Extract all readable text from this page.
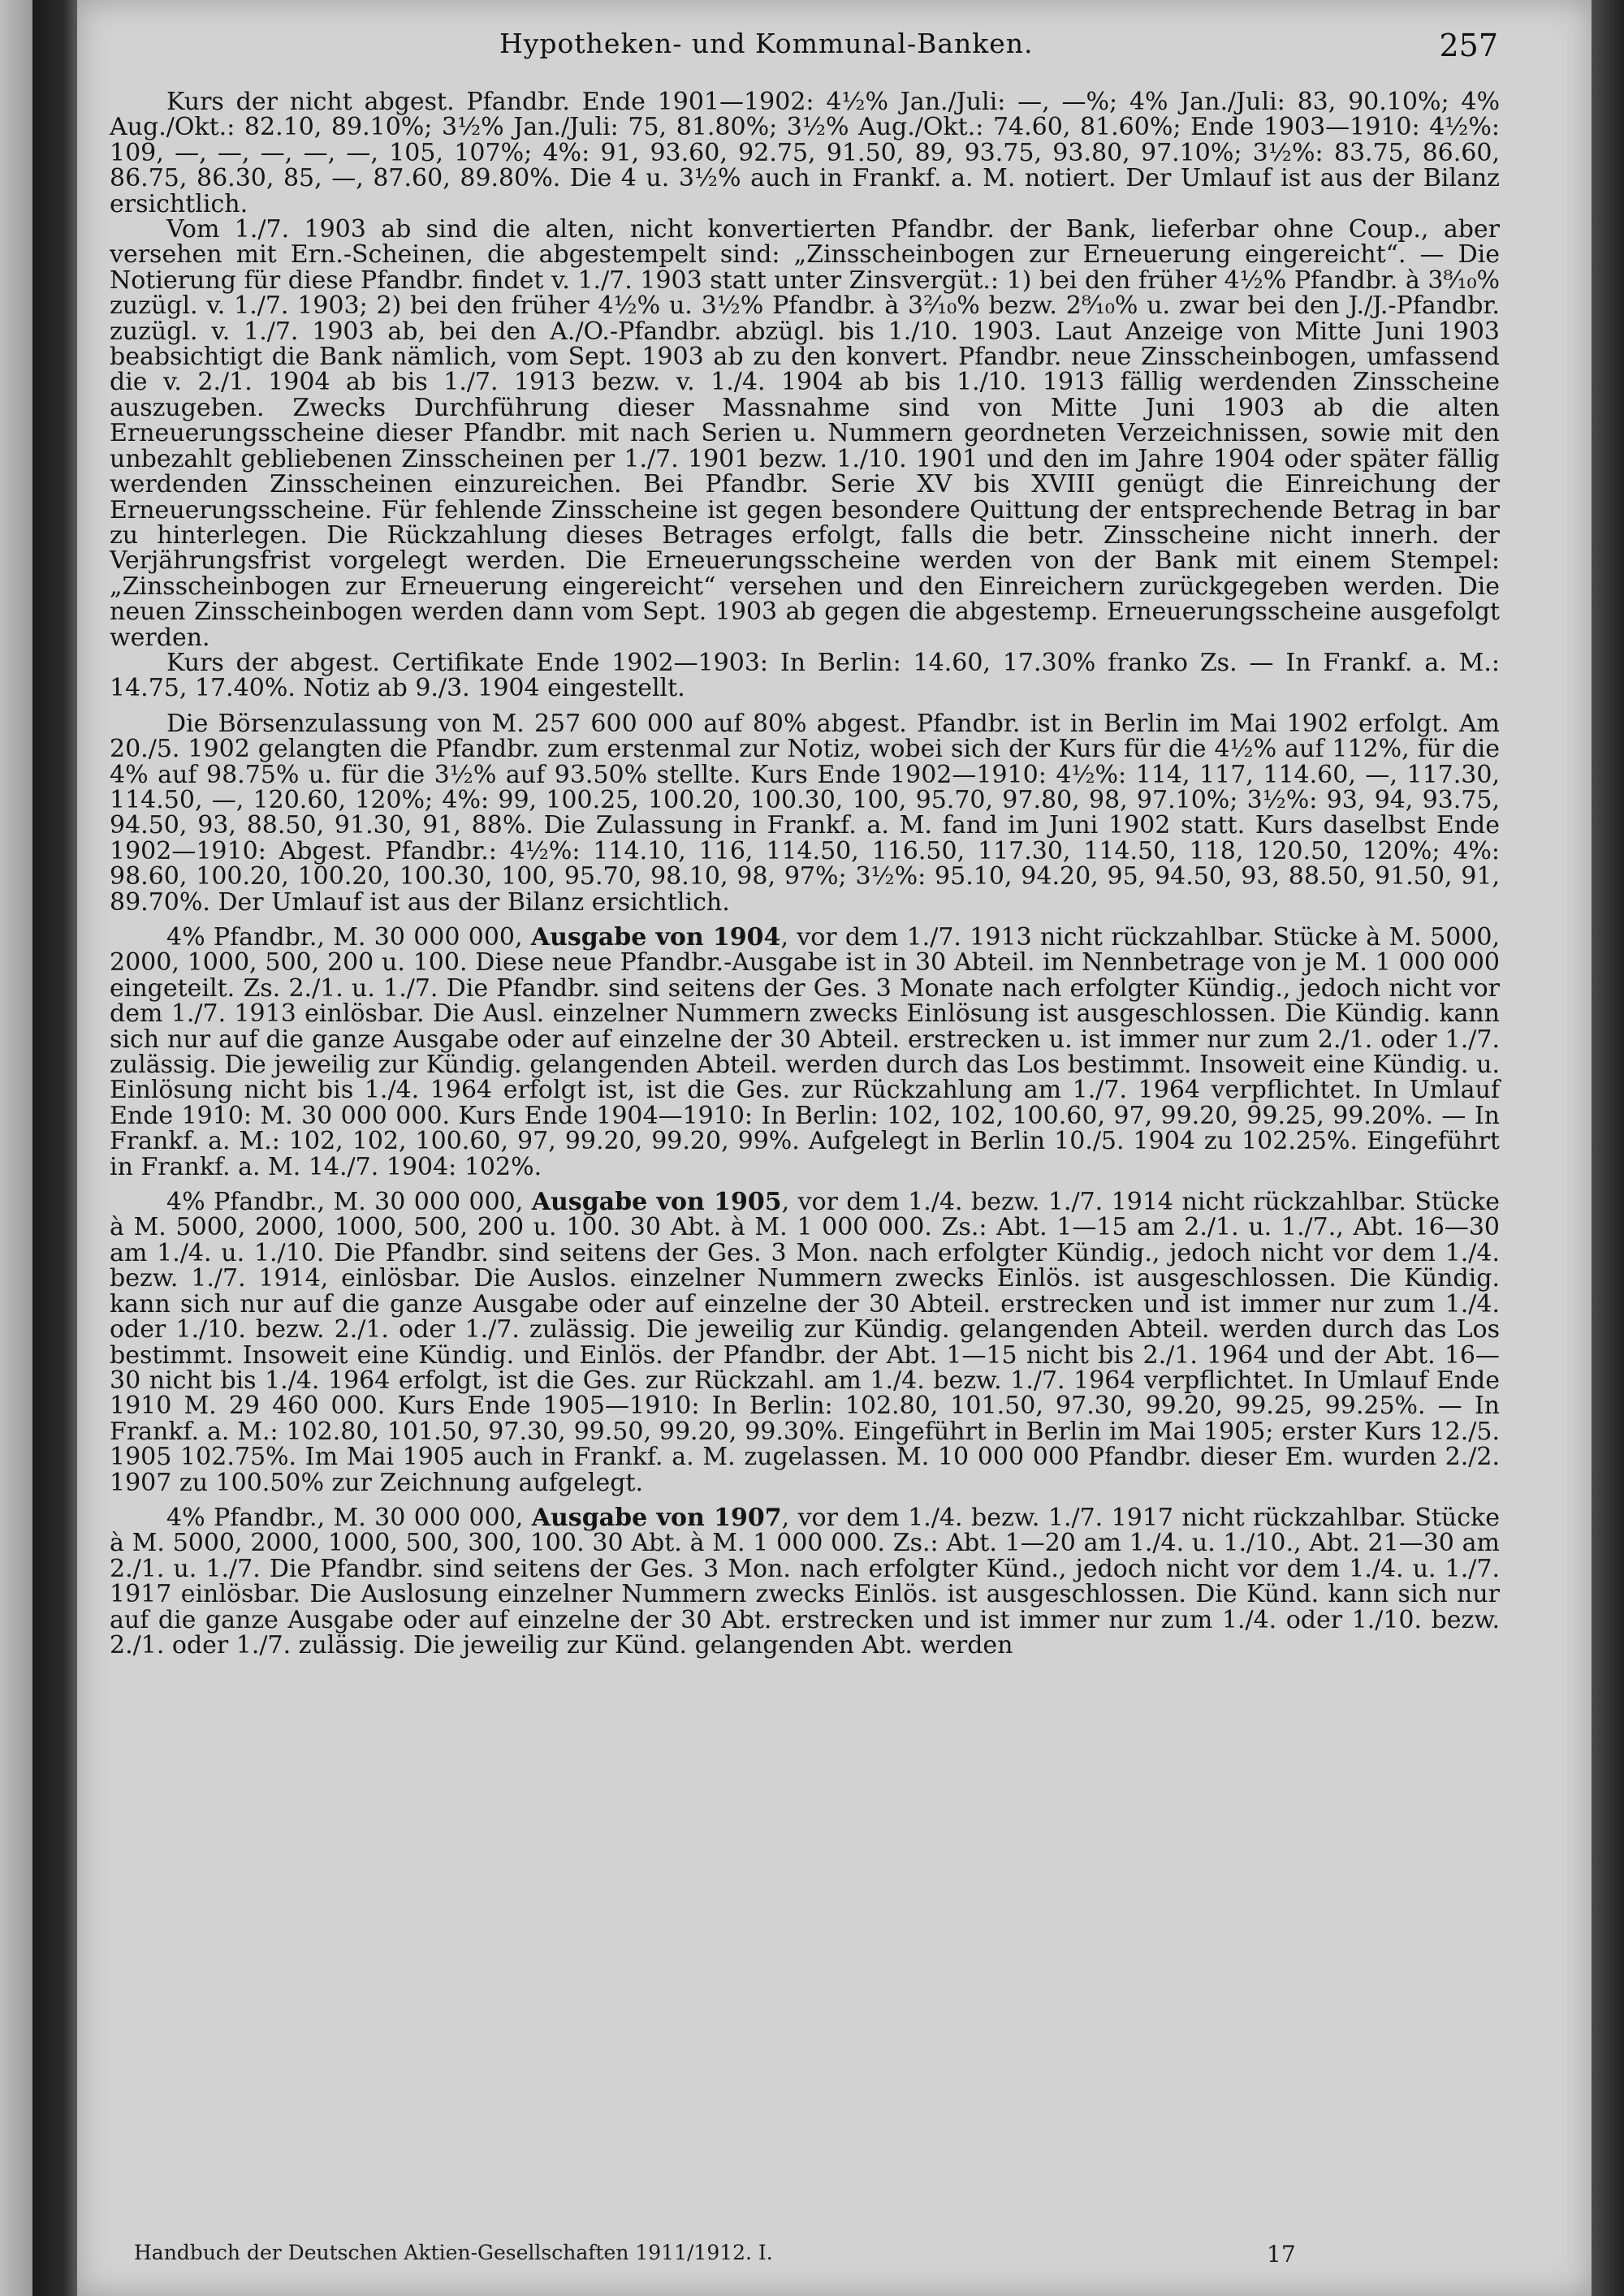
Hypotheken- und Kommunal-Banken.	257

Kurs der nicht abgest. Pfandbr. Ende 1901—1902: 4½% Jan./Juli: —, —%; 4% Jan./Juli: 83, 90.10%; 4% Aug./Okt.: 82.10, 89.10%; 3½% Jan./Juli: 75, 81.80%; 3½% Aug./Okt.: 74.60, 81.60%; Ende 1903—1910: 4½%: 109, —, —, —, —, —, 105, 107%; 4%: 91, 93.60, 92.75, 91.50, 89, 93.75, 93.80, 97.10%; 3½%: 83.75, 86.60, 86.75, 86.30, 85, —, 87.60, 89.80%. Die 4 u. 3½% auch in Frankf. a. M. notiert. Der Umlauf ist aus der Bilanz ersichtlich.

Vom 1./7. 1903 ab sind die alten, nicht konvertierten Pfandbr. der Bank, lieferbar ohne Coup., aber versehen mit Ern.-Scheinen, die abgestempelt sind: „Zinsscheinbogen zur Erneuerung eingereicht“. — Die Notierung für diese Pfandbr. findet v. 1./7. 1903 statt unter Zinsvergüt.: 1) bei den früher 4½% Pfandbr. à 3⁸⁄₁₀% zuzügl. v. 1./7. 1903; 2) bei den früher 4½% u. 3½% Pfandbr. à 3²⁄₁₀% bezw. 2⁸⁄₁₀% u. zwar bei den J./J.-Pfandbr. zuzügl. v. 1./7. 1903 ab, bei den A./O.-Pfandbr. abzügl. bis 1./10. 1903. Laut Anzeige von Mitte Juni 1903 beabsichtigt die Bank nämlich, vom Sept. 1903 ab zu den konvert. Pfandbr. neue Zinsscheinbogen, umfassend die v. 2./1. 1904 ab bis 1./7. 1913 bezw. v. 1./4. 1904 ab bis 1./10. 1913 fällig werdenden Zinsscheine auszugeben. Zwecks Durchführung dieser Massnahme sind von Mitte Juni 1903 ab die alten Erneuerungsscheine dieser Pfandbr. mit nach Serien u. Nummern geordneten Verzeichnissen, sowie mit den unbezahlt gebliebenen Zinsscheinen per 1./7. 1901 bezw. 1./10. 1901 und den im Jahre 1904 oder später fällig werdenden Zinsscheinen einzureichen. Bei Pfandbr. Serie XV bis XVIII genügt die Einreichung der Erneuerungsscheine. Für fehlende Zinsscheine ist gegen besondere Quittung der entsprechende Betrag in bar zu hinterlegen. Die Rückzahlung dieses Betrages erfolgt, falls die betr. Zinsscheine nicht innerh. der Verjährungsfrist vorgelegt werden. Die Erneuerungsscheine werden von der Bank mit einem Stempel: „Zinsscheinbogen zur Erneuerung eingereicht“ versehen und den Einreichern zurückgegeben werden. Die neuen Zinsscheinbogen werden dann vom Sept. 1903 ab gegen die abgestemp. Erneuerungsscheine ausgefolgt werden.

Kurs der abgest. Certifikate Ende 1902—1903: In Berlin: 14.60, 17.30% franko Zs. — In Frankf. a. M.: 14.75, 17.40%. Notiz ab 9./3. 1904 eingestellt.

Die Börsenzulassung von M. 257 600 000 auf 80% abgest. Pfandbr. ist in Berlin im Mai 1902 erfolgt. Am 20./5. 1902 gelangten die Pfandbr. zum erstenmal zur Notiz, wobei sich der Kurs für die 4½% auf 112%, für die 4% auf 98.75% u. für die 3½% auf 93.50% stellte. Kurs Ende 1902—1910: 4½%: 114, 117, 114.60, —, 117.30, 114.50, —, 120.60, 120%; 4%: 99, 100.25, 100.20, 100.30, 100, 95.70, 97.80, 98, 97.10%; 3½%: 93, 94, 93.75, 94.50, 93, 88.50, 91.30, 91, 88%. Die Zulassung in Frankf. a. M. fand im Juni 1902 statt. Kurs daselbst Ende 1902—1910: Abgest. Pfandbr.: 4½%: 114.10, 116, 114.50, 116.50, 117.30, 114.50, 118, 120.50, 120%; 4%: 98.60, 100.20, 100.20, 100.30, 100, 95.70, 98.10, 98, 97%; 3½%: 95.10, 94.20, 95, 94.50, 93, 88.50, 91.50, 91, 89.70%. Der Umlauf ist aus der Bilanz ersichtlich.

4% Pfandbr., M. 30 000 000, Ausgabe von 1904, vor dem 1./7. 1913 nicht rückzahlbar. Stücke à M. 5000, 2000, 1000, 500, 200 u. 100. Diese neue Pfandbr.-Ausgabe ist in 30 Abteil. im Nennbetrage von je M. 1 000 000 eingeteilt. Zs. 2./1. u. 1./7. Die Pfandbr. sind seitens der Ges. 3 Monate nach erfolgter Kündig., jedoch nicht vor dem 1./7. 1913 einlösbar. Die Ausl. einzelner Nummern zwecks Einlösung ist ausgeschlossen. Die Kündig. kann sich nur auf die ganze Ausgabe oder auf einzelne der 30 Abteil. erstrecken u. ist immer nur zum 2./1. oder 1./7. zulässig. Die jeweilig zur Kündig. gelangenden Abteil. werden durch das Los bestimmt. Insoweit eine Kündig. u. Einlösung nicht bis 1./4. 1964 erfolgt ist, ist die Ges. zur Rückzahlung am 1./7. 1964 verpflichtet. In Umlauf Ende 1910: M. 30 000 000. Kurs Ende 1904—1910: In Berlin: 102, 102, 100.60, 97, 99.20, 99.25, 99.20%. — In Frankf. a. M.: 102, 102, 100.60, 97, 99.20, 99.20, 99%. Aufgelegt in Berlin 10./5. 1904 zu 102.25%. Eingeführt in Frankf. a. M. 14./7. 1904: 102%.

4% Pfandbr., M. 30 000 000, Ausgabe von 1905, vor dem 1./4. bezw. 1./7. 1914 nicht rückzahlbar. Stücke à M. 5000, 2000, 1000, 500, 200 u. 100. 30 Abt. à M. 1 000 000. Zs.: Abt. 1—15 am 2./1. u. 1./7., Abt. 16—30 am 1./4. u. 1./10. Die Pfandbr. sind seitens der Ges. 3 Mon. nach erfolgter Kündig., jedoch nicht vor dem 1./4. bezw. 1./7. 1914, einlösbar. Die Auslos. einzelner Nummern zwecks Einlös. ist ausgeschlossen. Die Kündig. kann sich nur auf die ganze Ausgabe oder auf einzelne der 30 Abteil. erstrecken und ist immer nur zum 1./4. oder 1./10. bezw. 2./1. oder 1./7. zulässig. Die jeweilig zur Kündig. gelangenden Abteil. werden durch das Los bestimmt. Insoweit eine Kündig. und Einlös. der Pfandbr. der Abt. 1—15 nicht bis 2./1. 1964 und der Abt. 16—30 nicht bis 1./4. 1964 erfolgt, ist die Ges. zur Rückzahl. am 1./4. bezw. 1./7. 1964 verpflichtet. In Umlauf Ende 1910 M. 29 460 000. Kurs Ende 1905—1910: In Berlin: 102.80, 101.50, 97.30, 99.20, 99.25, 99.25%. — In Frankf. a. M.: 102.80, 101.50, 97.30, 99.50, 99.20, 99.30%. Eingeführt in Berlin im Mai 1905; erster Kurs 12./5. 1905 102.75%. Im Mai 1905 auch in Frankf. a. M. zugelassen. M. 10 000 000 Pfandbr. dieser Em. wurden 2./2. 1907 zu 100.50% zur Zeichnung aufgelegt.

4% Pfandbr., M. 30 000 000, Ausgabe von 1907, vor dem 1./4. bezw. 1./7. 1917 nicht rückzahlbar. Stücke à M. 5000, 2000, 1000, 500, 300, 100. 30 Abt. à M. 1 000 000. Zs.: Abt. 1—20 am 1./4. u. 1./10., Abt. 21—30 am 2./1. u. 1./7. Die Pfandbr. sind seitens der Ges. 3 Mon. nach erfolgter Künd., jedoch nicht vor dem 1./4. u. 1./7. 1917 einlösbar. Die Auslosung einzelner Nummern zwecks Einlös. ist ausgeschlossen. Die Künd. kann sich nur auf die ganze Ausgabe oder auf einzelne der 30 Abt. erstrecken und ist immer nur zum 1./4. oder 1./10. bezw. 2./1. oder 1./7. zulässig. Die jeweilig zur Künd. gelangenden Abt. werden

Handbuch der Deutschen Aktien-Gesellschaften 1911/1912. I.	17
